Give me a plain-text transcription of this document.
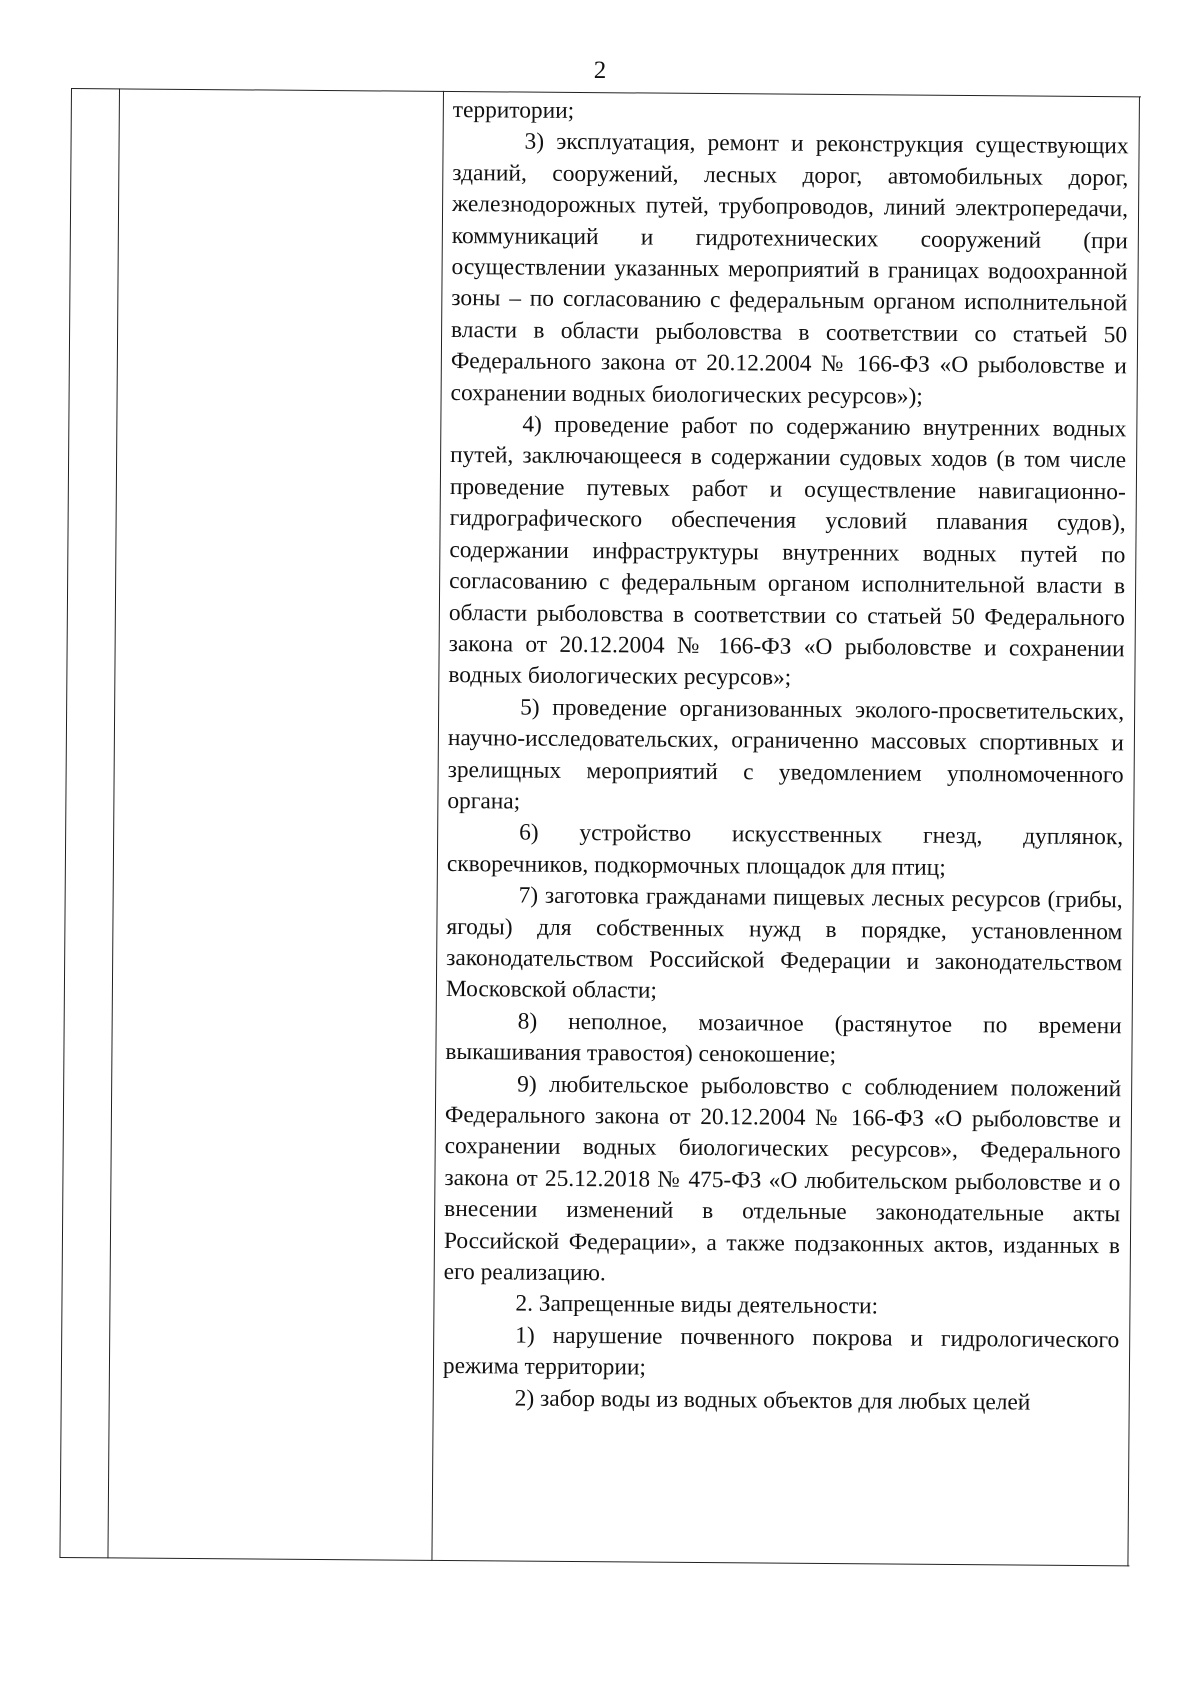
2

территории;

3) эксплуатация, ремонт и реконструкция существующих зданий, сооружений, лесных дорог, автомобильных дорог, железнодорожных путей, трубопроводов, линий электропередачи, коммуникаций и гидротехнических сооружений (при осуществлении указанных мероприятий в границах водоохранной зоны – по согласованию с федеральным органом исполнительной власти в области рыболовства в соответствии со статьей 50 Федерального закона от 20.12.2004 № 166-ФЗ «О рыболовстве и сохранении водных биологических ресурсов»);

4) проведение работ по содержанию внутренних водных путей, заключающееся в содержании судовых ходов (в том числе проведение путевых работ и осуществление навигационно-гидрографического обеспечения условий плавания судов), содержании инфраструктуры внутренних водных путей по согласованию с федеральным органом исполнительной власти в области рыболовства в соответствии со статьей 50 Федерального закона от 20.12.2004 № 166-ФЗ «О рыболовстве и сохранении водных биологических ресурсов»;

5) проведение организованных эколого-просветительских, научно-исследовательских, ограниченно массовых спортивных и зрелищных мероприятий с уведомлением уполномоченного органа;

6) устройство искусственных гнезд, дуплянок, скворечников, подкормочных площадок для птиц;

7) заготовка гражданами пищевых лесных ресурсов (грибы, ягоды) для собственных нужд в порядке, установленном законодательством Российской Федерации и законодательством Московской области;

8) неполное, мозаичное (растянутое по времени выкашивания травостоя) сенокошение;

9) любительское рыболовство с соблюдением положений Федерального закона от 20.12.2004 № 166-ФЗ «О рыболовстве и сохранении водных биологических ресурсов», Федерального закона от 25.12.2018 № 475-ФЗ «О любительском рыболовстве и о внесении изменений в отдельные законодательные акты Российской Федерации», а также подзаконных актов, изданных в его реализацию.

2. Запрещенные виды деятельности:

1) нарушение почвенного покрова и гидрологического режима территории;

2) забор воды из водных объектов для любых целей
